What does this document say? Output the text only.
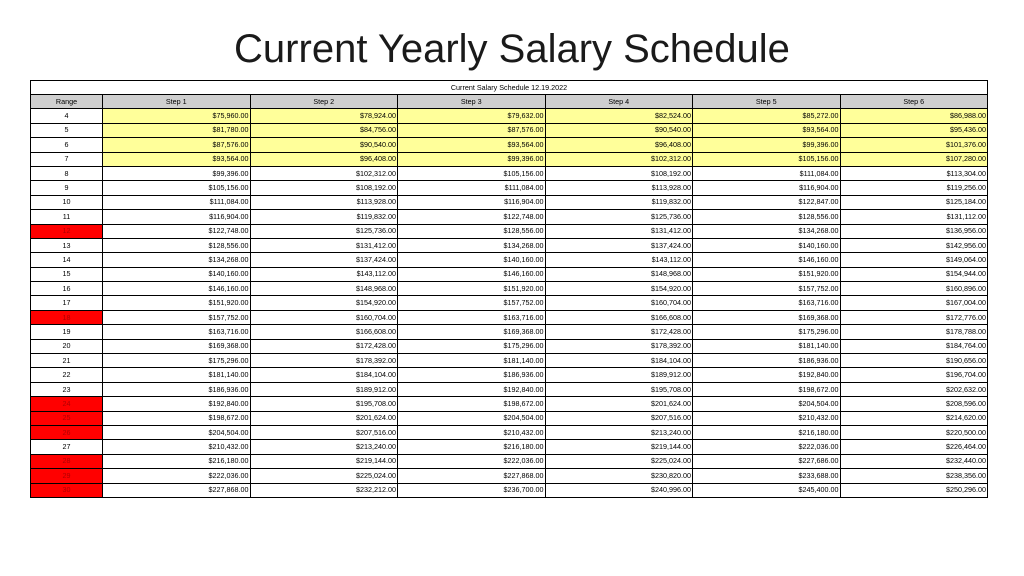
Current Yearly Salary Schedule
Current Salary Schedule 12.19.2022						
Range	Step 1	Step 2	Step 3	Step 4	Step 5	Step 6
4	$75,960.00	$78,924.00	$79,632.00	$82,524.00	$85,272.00	$86,988.00
5	$81,780.00	$84,756.00	$87,576.00	$90,540.00	$93,564.00	$95,436.00
6	$87,576.00	$90,540.00	$93,564.00	$96,408.00	$99,396.00	$101,376.00
7	$93,564.00	$96,408.00	$99,396.00	$102,312.00	$105,156.00	$107,280.00
8	$99,396.00	$102,312.00	$105,156.00	$108,192.00	$111,084.00	$113,304.00
9	$105,156.00	$108,192.00	$111,084.00	$113,928.00	$116,904.00	$119,256.00
10	$111,084.00	$113,928.00	$116,904.00	$119,832.00	$122,847.00	$125,184.00
11	$116,904.00	$119,832.00	$122,748.00	$125,736.00	$128,556.00	$131,112.00
12	$122,748.00	$125,736.00	$128,556.00	$131,412.00	$134,268.00	$136,956.00
13	$128,556.00	$131,412.00	$134,268.00	$137,424.00	$140,160.00	$142,956.00
14	$134,268.00	$137,424.00	$140,160.00	$143,112.00	$146,160.00	$149,064.00
15	$140,160.00	$143,112.00	$146,160.00	$148,968.00	$151,920.00	$154,944.00
16	$146,160.00	$148,968.00	$151,920.00	$154,920.00	$157,752.00	$160,896.00
17	$151,920.00	$154,920.00	$157,752.00	$160,704.00	$163,716.00	$167,004.00
18	$157,752.00	$160,704.00	$163,716.00	$166,608.00	$169,368.00	$172,776.00
19	$163,716.00	$166,608.00	$169,368.00	$172,428.00	$175,296.00	$178,788.00
20	$169,368.00	$172,428.00	$175,296.00	$178,392.00	$181,140.00	$184,764.00
21	$175,296.00	$178,392.00	$181,140.00	$184,104.00	$186,936.00	$190,656.00
22	$181,140.00	$184,104.00	$186,936.00	$189,912.00	$192,840.00	$196,704.00
23	$186,936.00	$189,912.00	$192,840.00	$195,708.00	$198,672.00	$202,632.00
24	$192,840.00	$195,708.00	$198,672.00	$201,624.00	$204,504.00	$208,596.00
25	$198,672.00	$201,624.00	$204,504.00	$207,516.00	$210,432.00	$214,620.00
26	$204,504.00	$207,516.00	$210,432.00	$213,240.00	$216,180.00	$220,500.00
27	$210,432.00	$213,240.00	$216,180.00	$219,144.00	$222,036.00	$226,464.00
28	$216,180.00	$219,144.00	$222,036.00	$225,024.00	$227,686.00	$232,440.00
29	$222,036.00	$225,024.00	$227,868.00	$230,820.00	$233,688.00	$238,356.00
30	$227,868.00	$232,212.00	$236,700.00	$240,996.00	$245,400.00	$250,296.00
